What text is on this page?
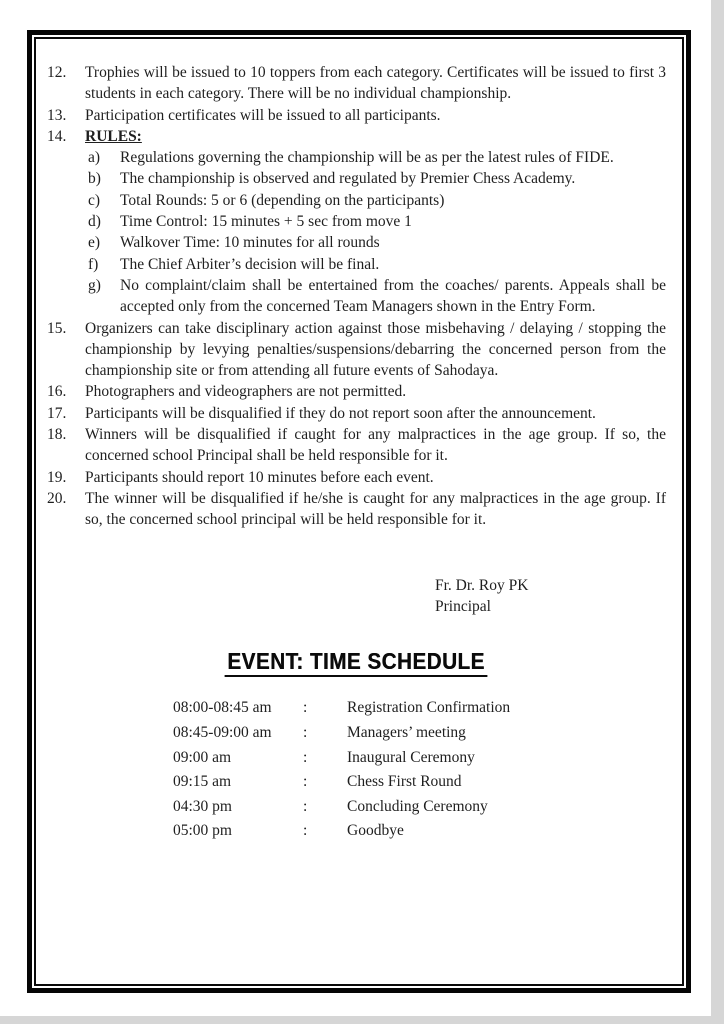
12.	Trophies will be issued to 10 toppers from each category. Certificates will be issued to first 3 students in each category. There will be no individual championship.
13.	Participation certificates will be issued to all participants.
14.	RULES:
a)	Regulations governing the championship will be as per the latest rules of FIDE.
b)	The championship is observed and regulated by Premier Chess Academy.
c)	Total Rounds: 5 or 6 (depending on the participants)
d)	Time Control: 15 minutes + 5 sec from move 1
e)	Walkover Time: 10 minutes for all rounds
f)	The Chief Arbiter’s decision will be final.
g)	No complaint/claim shall be entertained from the coaches/ parents. Appeals shall be accepted only from the concerned Team Managers shown in the Entry Form.
15.	Organizers can take disciplinary action against those misbehaving / delaying / stopping the championship by levying penalties/suspensions/debarring the concerned person from the championship site or from attending all future events of Sahodaya.
16.	Photographers and videographers are not permitted.
17.	Participants will be disqualified if they do not report soon after the announcement.
18.	Winners will be disqualified if caught for any malpractices in the age group. If so, the concerned school Principal shall be held responsible for it.
19.	Participants should report 10 minutes before each event.
20.	The winner will be disqualified if he/she is caught for any malpractices in the age group. If so, the concerned school principal will be held responsible for it.
Fr. Dr. Roy PK
Principal
EVENT: TIME SCHEDULE
08:00-08:45 am	:	Registration Confirmation
08:45-09:00 am	:	Managers’ meeting
09:00 am	:	Inaugural Ceremony
09:15 am	:	Chess First Round
04:30 pm	:	Concluding Ceremony
05:00 pm	:	Goodbye
